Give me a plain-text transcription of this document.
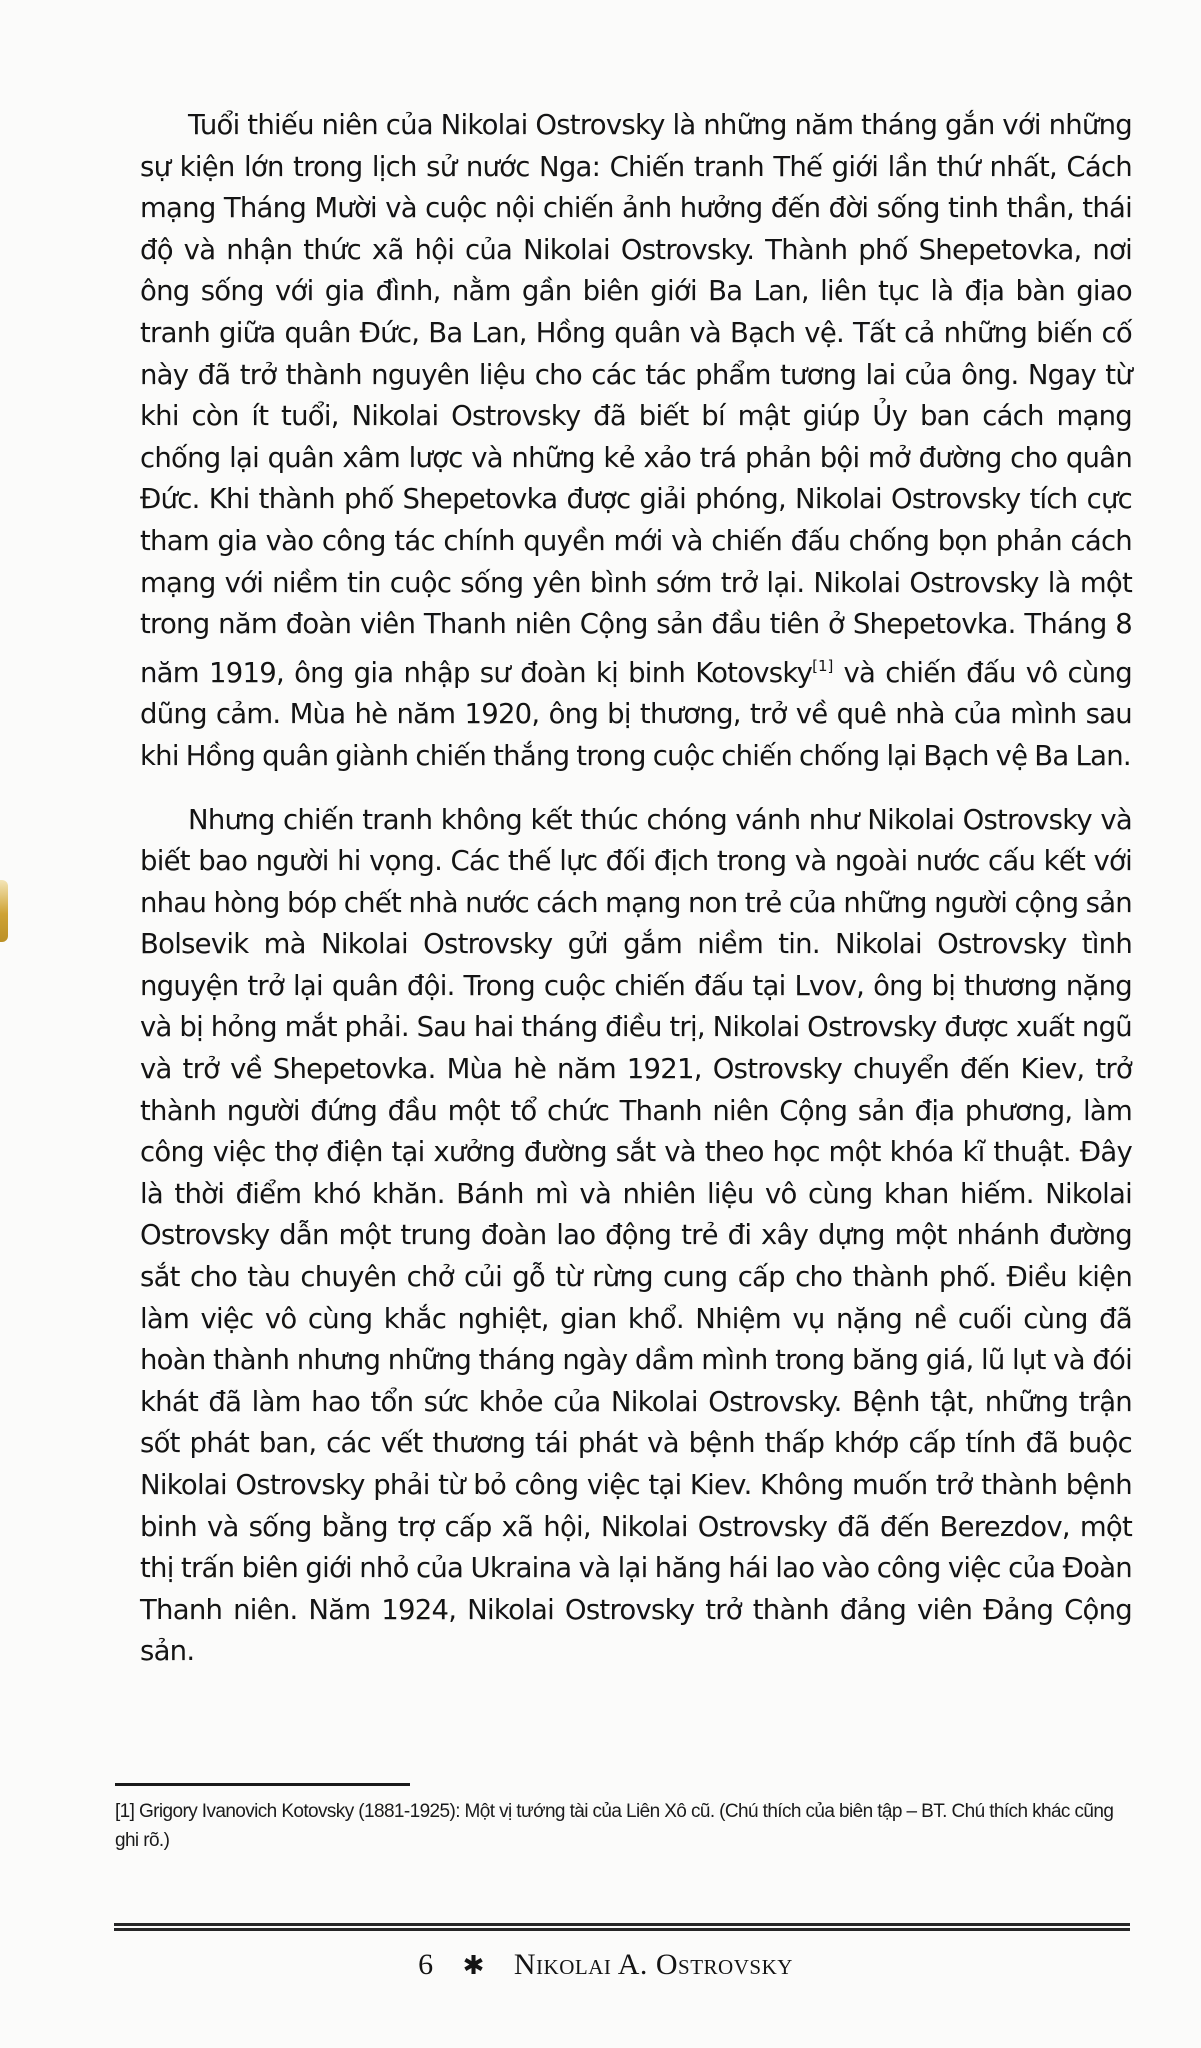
Tuổi thiếu niên của Nikolai Ostrovsky là những năm tháng gắn với những sự kiện lớn trong lịch sử nước Nga: Chiến tranh Thế giới lần thứ nhất, Cách mạng Tháng Mười và cuộc nội chiến ảnh hưởng đến đời sống tinh thần, thái độ và nhận thức xã hội của Nikolai Ostrovsky. Thành phố Shepetovka, nơi ông sống với gia đình, nằm gần biên giới Ba Lan, liên tục là địa bàn giao tranh giữa quân Đức, Ba Lan, Hồng quân và Bạch vệ. Tất cả những biến cố này đã trở thành nguyên liệu cho các tác phẩm tương lai của ông. Ngay từ khi còn ít tuổi, Nikolai Ostrovsky đã biết bí mật giúp Ủy ban cách mạng chống lại quân xâm lược và những kẻ xảo trá phản bội mở đường cho quân Đức. Khi thành phố Shepetovka được giải phóng, Nikolai Ostrovsky tích cực tham gia vào công tác chính quyền mới và chiến đấu chống bọn phản cách mạng với niềm tin cuộc sống yên bình sớm trở lại. Nikolai Ostrovsky là một trong năm đoàn viên Thanh niên Cộng sản đầu tiên ở Shepetovka. Tháng 8 năm 1919, ông gia nhập sư đoàn kị binh Kotovsky[1] và chiến đấu vô cùng dũng cảm. Mùa hè năm 1920, ông bị thương, trở về quê nhà của mình sau khi Hồng quân giành chiến thắng trong cuộc chiến chống lại Bạch vệ Ba Lan.

Nhưng chiến tranh không kết thúc chóng vánh như Nikolai Ostrovsky và biết bao người hi vọng. Các thế lực đối địch trong và ngoài nước cấu kết với nhau hòng bóp chết nhà nước cách mạng non trẻ của những người cộng sản Bolsevik mà Nikolai Ostrovsky gửi gắm niềm tin. Nikolai Ostrovsky tình nguyện trở lại quân đội. Trong cuộc chiến đấu tại Lvov, ông bị thương nặng và bị hỏng mắt phải. Sau hai tháng điều trị, Nikolai Ostrovsky được xuất ngũ và trở về Shepetovka. Mùa hè năm 1921, Ostrovsky chuyển đến Kiev, trở thành người đứng đầu một tổ chức Thanh niên Cộng sản địa phương, làm công việc thợ điện tại xưởng đường sắt và theo học một khóa kĩ thuật. Đây là thời điểm khó khăn. Bánh mì và nhiên liệu vô cùng khan hiếm. Nikolai Ostrovsky dẫn một trung đoàn lao động trẻ đi xây dựng một nhánh đường sắt cho tàu chuyên chở củi gỗ từ rừng cung cấp cho thành phố. Điều kiện làm việc vô cùng khắc nghiệt, gian khổ. Nhiệm vụ nặng nề cuối cùng đã hoàn thành nhưng những tháng ngày dầm mình trong băng giá, lũ lụt và đói khát đã làm hao tổn sức khỏe của Nikolai Ostrovsky. Bệnh tật, những trận sốt phát ban, các vết thương tái phát và bệnh thấp khớp cấp tính đã buộc Nikolai Ostrovsky phải từ bỏ công việc tại Kiev. Không muốn trở thành bệnh binh và sống bằng trợ cấp xã hội, Nikolai Ostrovsky đã đến Berezdov, một thị trấn biên giới nhỏ của Ukraina và lại hăng hái lao vào công việc của Đoàn Thanh niên. Năm 1924, Nikolai Ostrovsky trở thành đảng viên Đảng Cộng sản.

[1] Grigory Ivanovich Kotovsky (1881-1925): Một vị tướng tài của Liên Xô cũ. (Chú thích của biên tập – BT. Chú thích khác cũng ghi rõ.)
6 ✱ Nikolai A. Ostrovsky
